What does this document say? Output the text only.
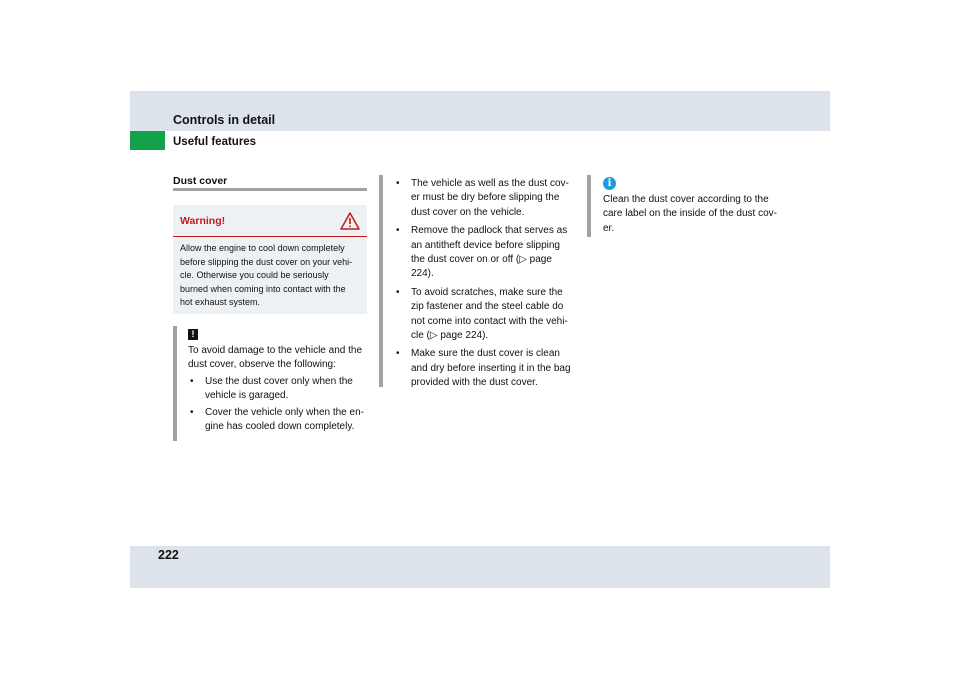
Controls in detail
Useful features
Dust cover
Warning!

Allow the engine to cool down completely

before slipping the dust cover on your vehi-

cle. Otherwise you could be seriously

burned when coming into contact with the

hot exhaust system.

!
To avoid damage to the vehicle and the dust cover, observe the following:
• Use the dust cover only when the vehicle is garaged.
• Cover the vehicle only when the en- gine has cooled down completely.
• The vehicle as well as the dust cov- er must be dry before slipping the dust cover on the vehicle.
• Remove the padlock that serves as an antitheft device before slipping the dust cover on or off (▷ page 224).
• To avoid scratches, make sure the zip fastener and the steel cable do not come into contact with the vehi- cle (▷ page 224).
• Make sure the dust cover is clean and dry before inserting it in the bag provided with the dust cover.
i
Clean the dust cover according to the care label on the inside of the dust cov- er.
222
